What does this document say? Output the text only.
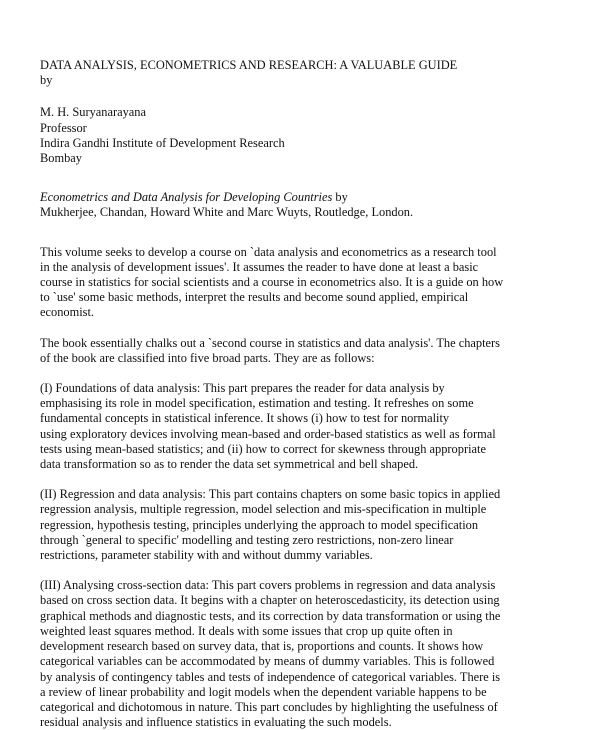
DATA ANALYSIS, ECONOMETRICS AND RESEARCH: A VALUABLE GUIDE
by
M. H. Suryanarayana
Professor
Indira Gandhi Institute of Development Research
Bombay
Econometrics and Data Analysis for Developing Countries by
Mukherjee, Chandan, Howard White and Marc Wuyts, Routledge, London.
This volume seeks to develop a course on `data analysis and econometrics as a research tool
in the analysis of development issues'. It assumes the reader to have done at least a basic
course in statistics for social scientists and a course in econometrics also. It is a guide on how
to `use' some basic methods, interpret the results and become sound applied, empirical
economist.
The book essentially chalks out a `second course in statistics and data analysis'. The chapters
of the book are classified into five broad parts. They are as follows:
(I) Foundations of data analysis: This part prepares the reader for data analysis by
emphasising its role in model specification, estimation and testing. It refreshes on some
fundamental concepts in statistical inference. It shows (i) how to test for normality
using exploratory devices involving mean-based and order-based statistics as well as formal
tests using mean-based statistics; and (ii) how to correct for skewness through appropriate
data transformation so as to render the data set symmetrical and bell shaped.
(II) Regression and data analysis: This part contains chapters on some basic topics in applied
regression analysis, multiple regression, model selection and mis-specification in multiple
regression, hypothesis testing, principles underlying the approach to model specification
through `general to specific' modelling and testing zero restrictions, non-zero linear
restrictions, parameter stability with and without dummy variables.
(III) Analysing cross-section data: This part covers problems in regression and data analysis
based on cross section data. It begins with a chapter on heteroscedasticity, its detection using
graphical methods and diagnostic tests, and its correction by data transformation or using the
weighted least squares method. It deals with some issues that crop up quite often in
development research based on survey data, that is, proportions and counts. It shows how
categorical variables can be accommodated by means of dummy variables. This is followed
by analysis of contingency tables and tests of independence of categorical variables. There is
a review of linear probability and logit models when the dependent variable happens to be
categorical and dichotomous in nature. This part concludes by highlighting the usefulness of
residual analysis and influence statistics in evaluating the such models.
